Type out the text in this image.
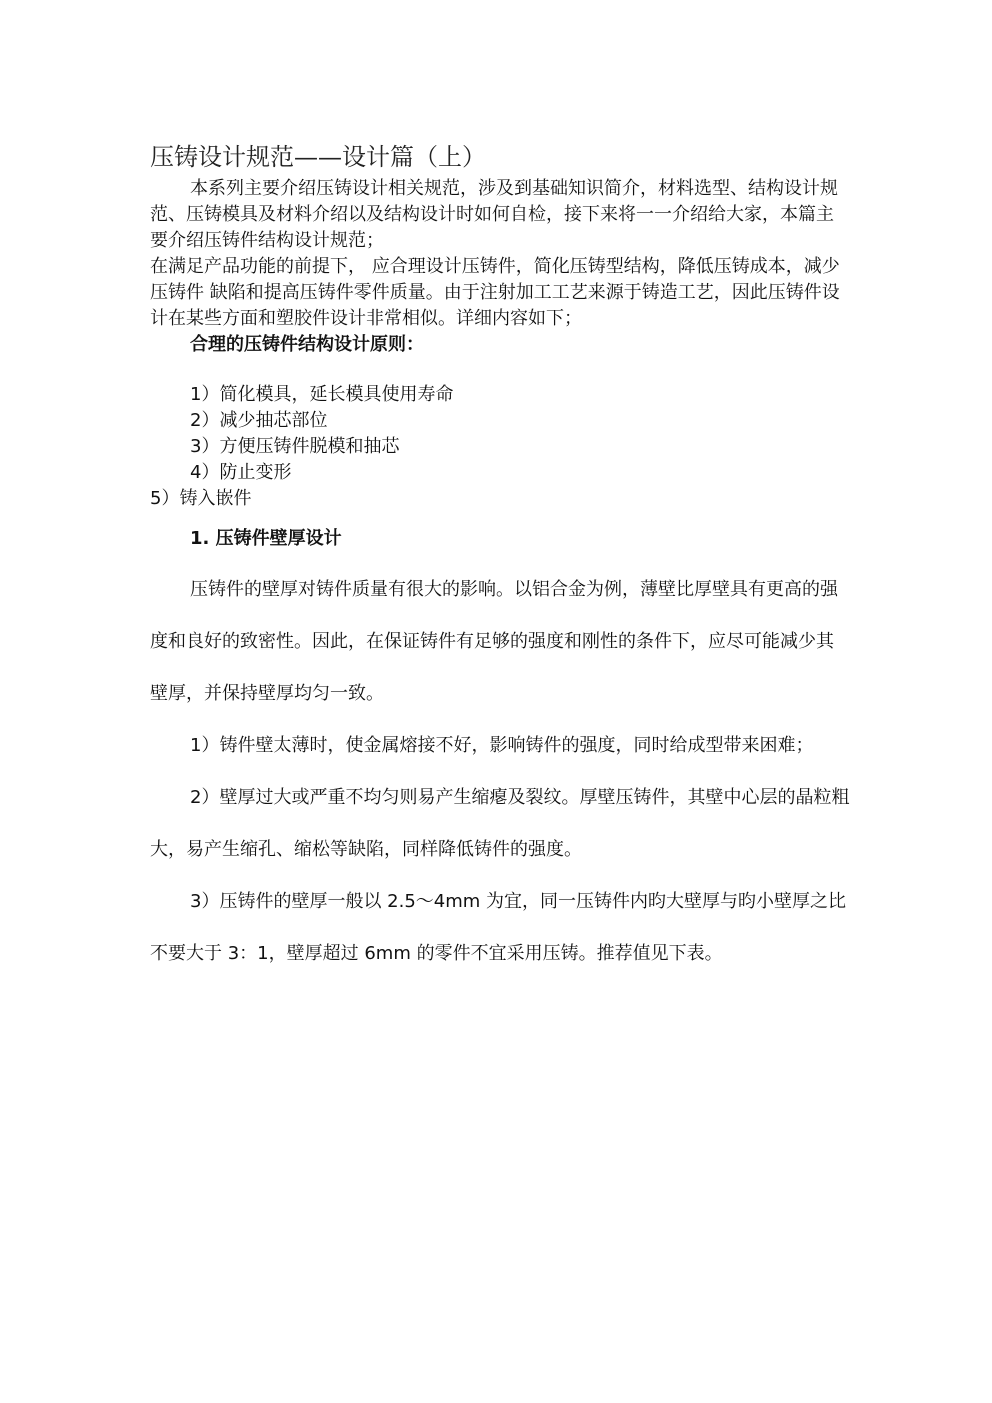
压铸设计规范——设计篇（上）

本系列主要介绍压铸设计相关规范，涉及到基础知识简介，材料选型、结构设计规范、压铸模具及材料介绍以及结构设计时如何自检，接下来将一一介绍给大家，本篇主要介绍压铸件结构设计规范；

在满足产品功能的前提下， 应合理设计压铸件，简化压铸型结构，降低压铸成本，减少压铸件 缺陷和提高压铸件零件质量。由于注射加工工艺来源于铸造工艺，因此压铸件设计在某些方面和塑胶件设计非常相似。详细内容如下；

合理的压铸件结构设计原则：

1）简化模具，延长模具使用寿命
2）减少抽芯部位
3）方便压铸件脱模和抽芯
4）防止变形
5）铸入嵌件
1. 压铸件壁厚设计

压铸件的壁厚对铸件质量有很大的影响。以铝合金为例，薄壁比厚壁具有更高的强度和良好的致密性。因此，在保证铸件有足够的强度和刚性的条件下，应尽可能减少其壁厚，并保持壁厚均匀一致。

1）铸件壁太薄时，使金属熔接不好，影响铸件的强度，同时给成型带来困难；

2）壁厚过大或严重不均匀则易产生缩瘪及裂纹。厚壁压铸件，其壁中心层的晶粒粗大，易产生缩孔、缩松等缺陷，同样降低铸件的强度。

3）压铸件的壁厚一般以 2.5～4mm 为宜，同一压铸件内昀大壁厚与昀小壁厚之比不要大于 3：1，壁厚超过 6mm 的零件不宜采用压铸。推荐值见下表。
